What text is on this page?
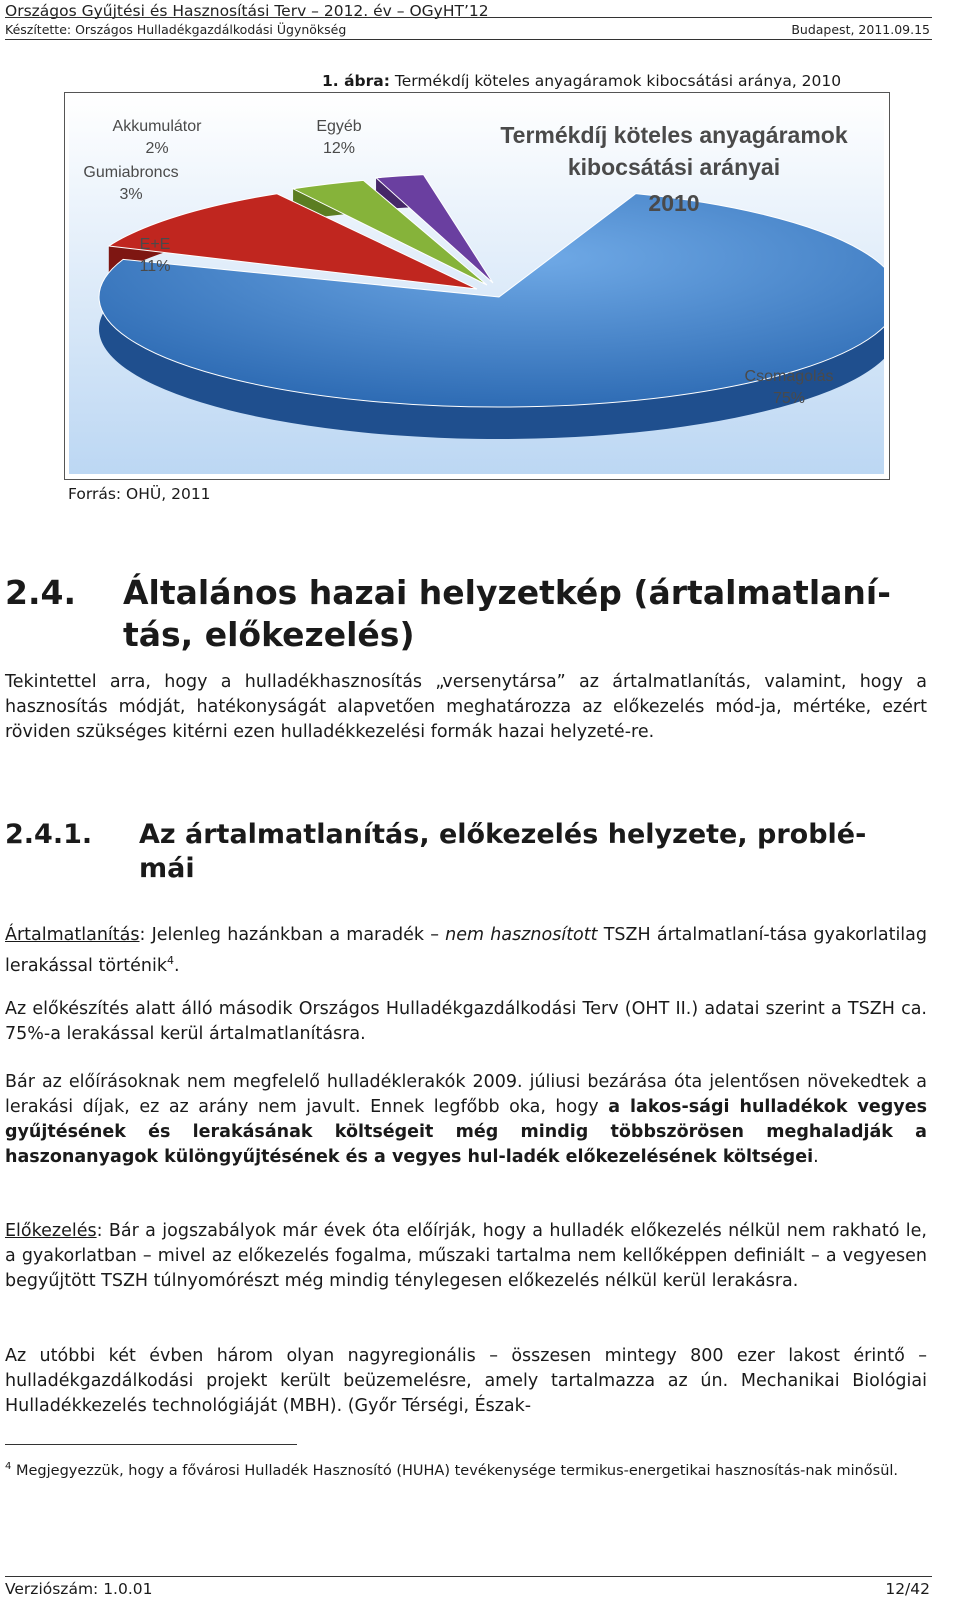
Országos Gyűjtési és Hasznosítási Terv – 2012. év – OGyHT’12
Készítette: Országos Hulladékgazdálkodási Ügynökség	Budapest, 2011.09.15
1. ábra: Termékdíj köteles anyagáramok kibocsátási aránya, 2010
Termékdíj köteles anyagáramok
kibocsátási arányai
2010
Csomagolás
75%
E+E
11%
Gumiabroncs
3%
Akkumulátor
2%
Egyéb
12%
Forrás: OHÜ, 2011
2.4. Általános hazai helyzetkép (ártalmatlaní-
tás, előkezelés)
Tekintettel arra, hogy a hulladékhasznosítás „versenytársa” az ártalmatlanítás, valamint, hogy a hasznosítás módját, hatékonyságát alapvetően meghatározza az előkezelés mód-ja, mértéke, ezért röviden szükséges kitérni ezen hulladékkezelési formák hazai helyzeté-re.
2.4.1. Az ártalmatlanítás, előkezelés helyzete, problé-
mái
Ártalmatlanítás: Jelenleg hazánkban a maradék – nem hasznosított TSZH ártalmatlaní-tása gyakorlatilag lerakással történik$^4$.
Az előkészítés alatt álló második Országos Hulladékgazdálkodási Terv (OHT II.) adatai szerint a TSZH ca. 75%-a lerakással kerül ártalmatlanításra.
Bár az előírásoknak nem megfelelő hulladéklerakók 2009. júliusi bezárása óta jelentősen növekedtek a lerakási díjak, ez az arány nem javult. Ennek legfőbb oka, hogy a lakos-sági hulladékok vegyes gyűjtésének és lerakásának költségeit még mindig többszörösen meghaladják a haszonanyagok különgyűjtésének és a vegyes hul-ladék előkezelésének költségei.
Előkezelés: Bár a jogszabályok már évek óta előírják, hogy a hulladék előkezelés nélkül nem rakható le, a gyakorlatban – mivel az előkezelés fogalma, műszaki tartalma nem kellőképpen definiált – a vegyesen begyűjtött TSZH túlnyomórészt még mindig ténylegesen előkezelés nélkül kerül lerakásra.
Az utóbbi két évben három olyan nagyregionális – összesen mintegy 800 ezer lakost érintő – hulladékgazdálkodási projekt került beüzemelésre, amely tartalmazza az ún. Mechanikai Biológiai Hulladékkezelés technológiáját (MBH). (Győr Térségi, Észak-
$^4$ Megjegyezzük, hogy a fővárosi Hulladék Hasznosító (HUHA) tevékenysége termikus-energetikai hasznosítás-nak minősül.
Verziószám: 1.0.01	12/42
